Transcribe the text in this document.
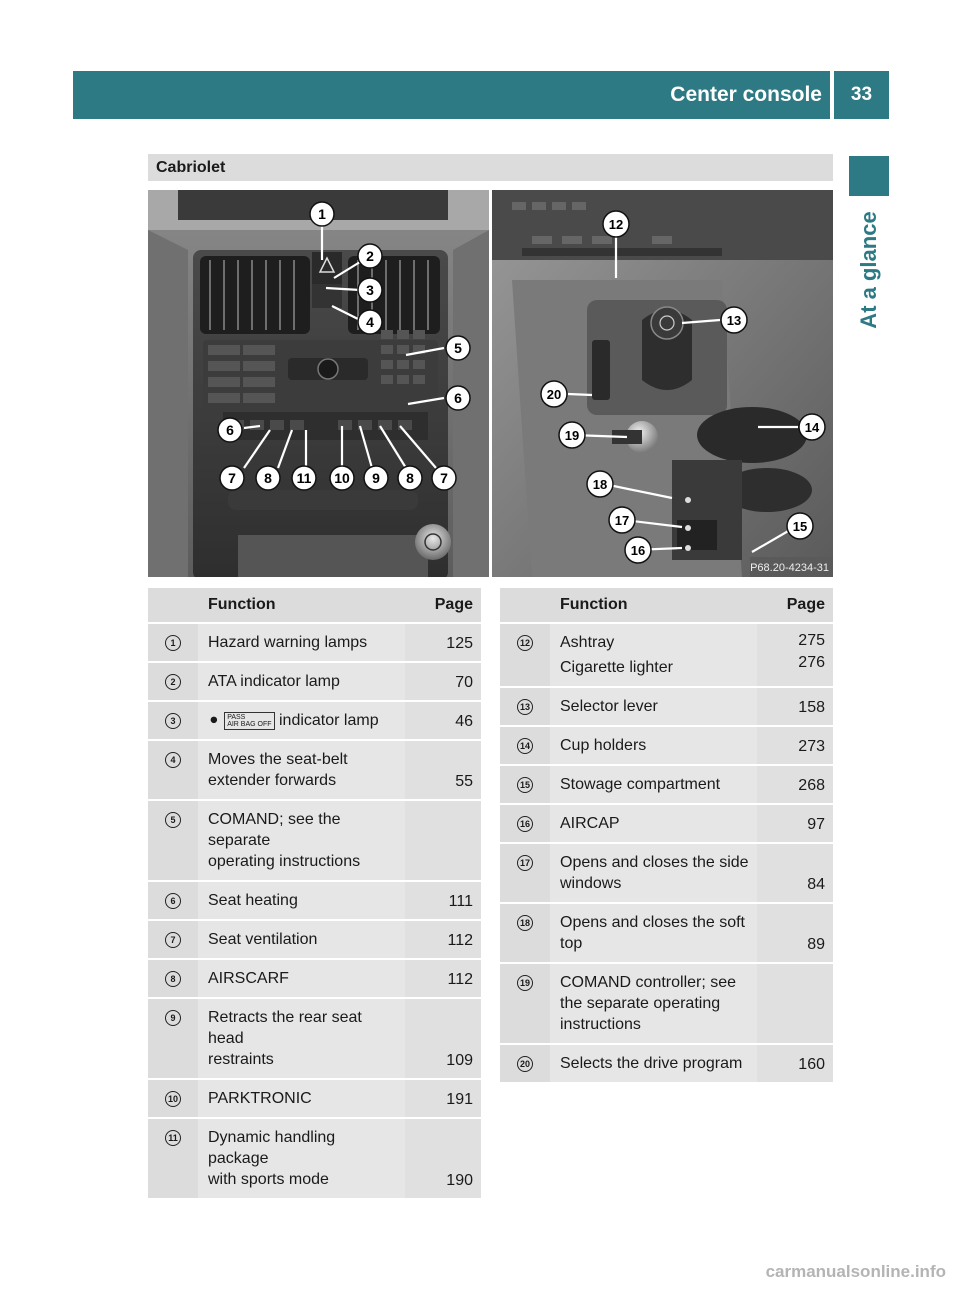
Center console	33
At a glance
Cabriolet
1
2
3
4
5
6
6
7 8 11 10 9 8 7
12
13
20
14
19
18
17	15
16
P68.20-4234-31
	Function	Page
1	Hazard warning lamps	125
2	ATA indicator lamp	70
3	⚫ PASS
AIR BAG OFF indicator lamp	46
4	Moves the seat-belt
extender forwards	55
5	COMAND; see the separate
operating instructions	

6	Seat heating	111
7	Seat ventilation	112
8	AIRSCARF	112
9	Retracts the rear seat head
restraints	109
10	PARKTRONIC	191
11	Dynamic handling package
with sports mode	190
	Function	Page
12	Ashtray
Cigarette lighter	275
276

13	Selector lever	158
14	Cup holders	273
15	Stowage compartment	268
16	AIRCAP	97
17	Opens and closes the side
windows	84
18	Opens and closes the soft
top	89
19	COMAND controller; see
the separate operating
instructions	

20	Selects the drive program	160
carmanualsonline.info
